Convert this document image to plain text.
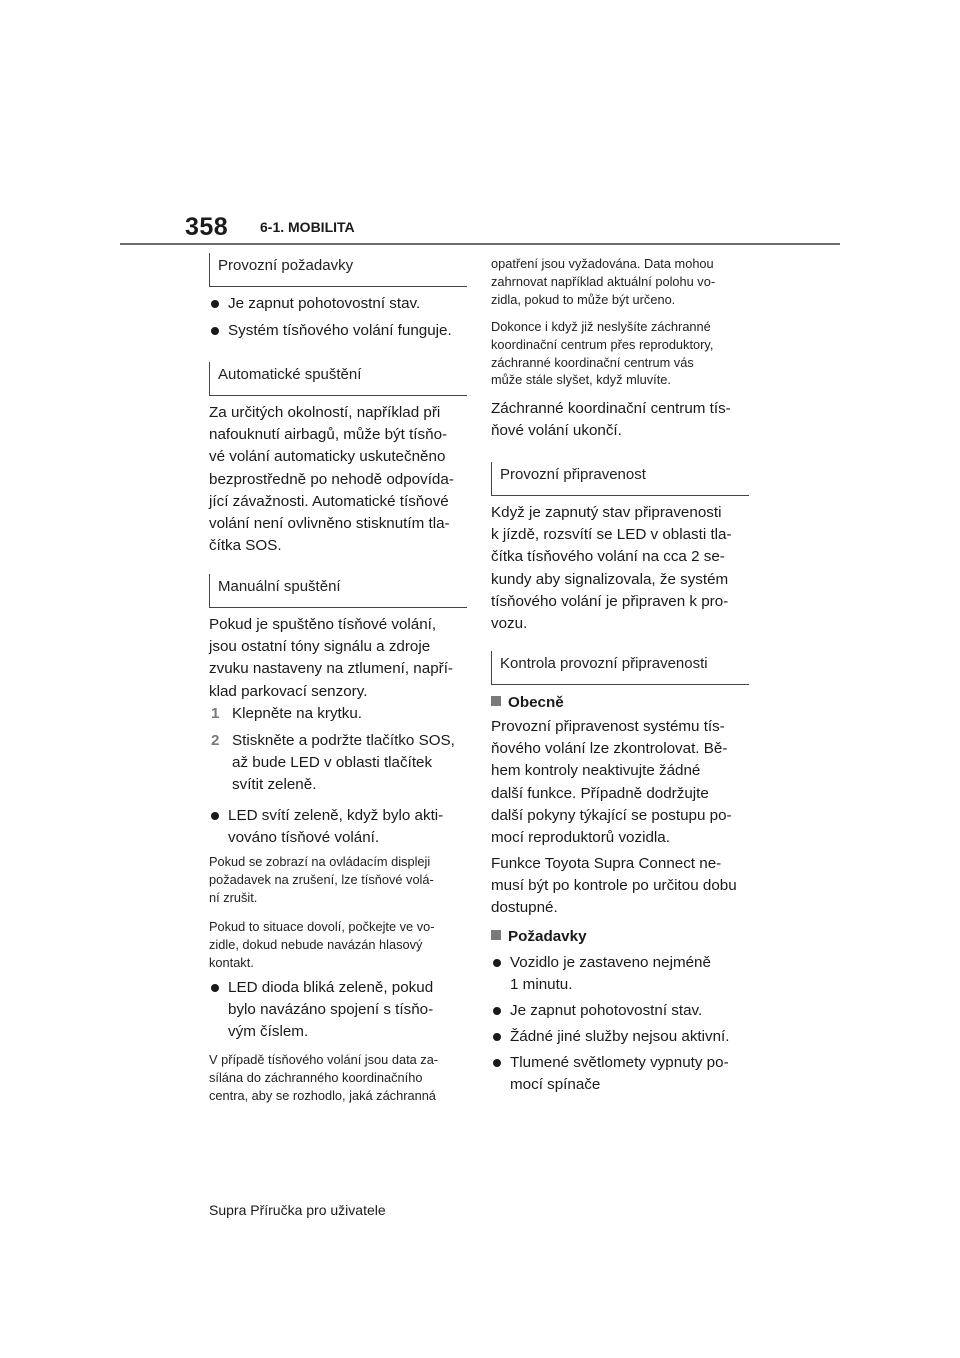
358 6-1. MOBILITA
Provozní požadavky
Je zapnut pohotovostní stav.
Systém tísňového volání funguje.
Automatické spuštění
Za určitých okolností, například při
nafouknutí airbagů, může být tísňo-
vé volání automaticky uskutečněno
bezprostředně po nehodě odpovída-
jící závažnosti. Automatické tísňové
volání není ovlivněno stisknutím tla-
čítka SOS.
Manuální spuštění
Pokud je spuštěno tísňové volání,
jsou ostatní tóny signálu a zdroje
zvuku nastaveny na ztlumení, napří-
klad parkovací senzory.
1 Klepněte na krytku.
2 Stiskněte a podržte tlačítko SOS,
až bude LED v oblasti tlačítek
svítit zeleně.
LED svítí zeleně, když bylo akti-
vováno tísňové volání.
Pokud se zobrazí na ovládacím displeji
požadavek na zrušení, lze tísňové volá-
ní zrušit.
Pokud to situace dovolí, počkejte ve vo-
zidle, dokud nebude navázán hlasový
kontakt.
LED dioda bliká zeleně, pokud
bylo navázáno spojení s tísňo-
vým číslem.
V případě tísňového volání jsou data za-
sílána do záchranného koordinačního
centra, aby se rozhodlo, jaká záchranná
opatření jsou vyžadována. Data mohou
zahrnovat například aktuální polohu vo-
zidla, pokud to může být určeno.
Dokonce i když již neslyšíte záchranné
koordinační centrum přes reproduktory,
záchranné koordinační centrum vás
může stále slyšet, když mluvíte.
Záchranné koordinační centrum tís-
ňové volání ukončí.
Provozní připravenost
Když je zapnutý stav připravenosti
k jízdě, rozsvítí se LED v oblasti tla-
čítka tísňového volání na cca 2 se-
kundy aby signalizovala, že systém
tísňového volání je připraven k pro-
vozu.
Kontrola provozní připravenosti
Obecně
Provozní připravenost systému tís-
ňového volání lze zkontrolovat. Bě-
hem kontroly neaktivujte žádné
další funkce. Případně dodržujte
další pokyny týkající se postupu po-
mocí reproduktorů vozidla.
Funkce Toyota Supra Connect ne-
musí být po kontrole po určitou dobu
dostupné.
Požadavky
Vozidlo je zastaveno nejméně
1 minutu.
Je zapnut pohotovostní stav.
Žádné jiné služby nejsou aktivní.
Tlumené světlomety vypnuty po-
mocí spínače
Supra Příručka pro uživatele
